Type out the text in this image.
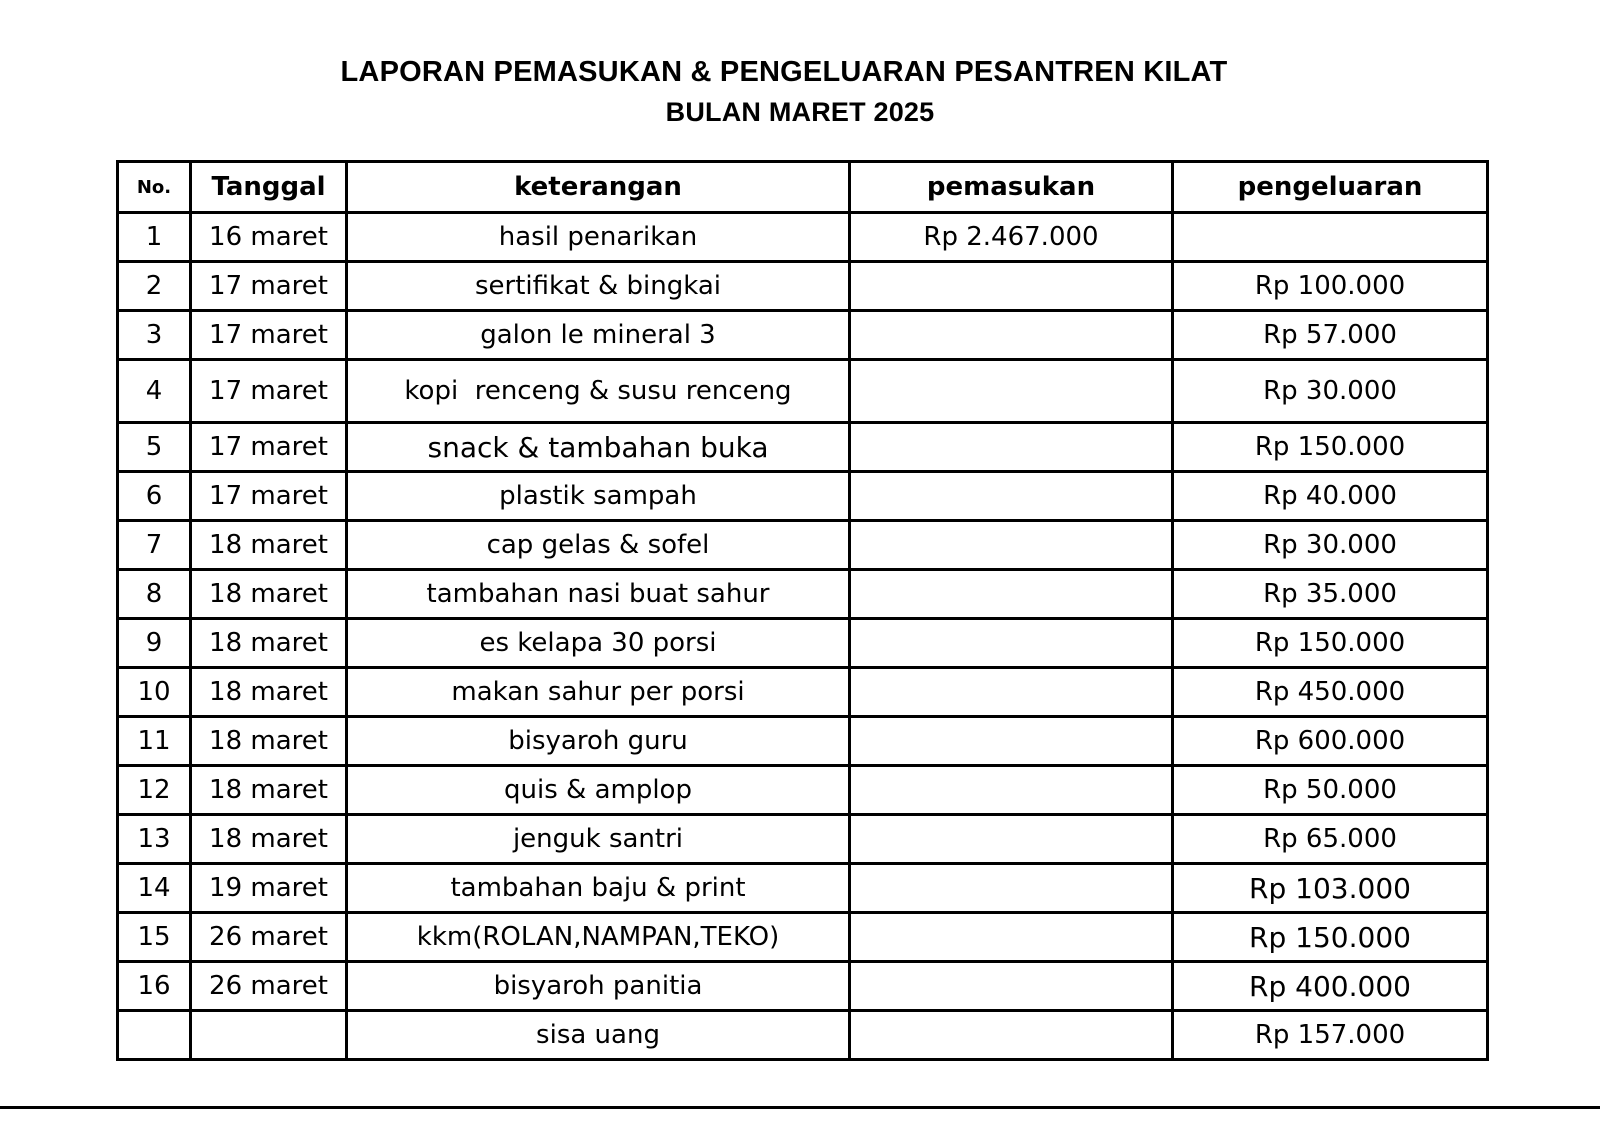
LAPORAN PEMASUKAN & PENGELUARAN PESANTREN KILAT
BULAN MARET 2025
No.	Tanggal	keterangan	pemasukan	pengeluaran
1	16 maret	hasil penarikan	Rp 2.467.000	
2	17 maret	sertifikat & bingkai		Rp 100.000
3	17 maret	galon le mineral 3		Rp 57.000
4	17 maret	kopi  renceng & susu renceng		Rp 30.000
5	17 maret	snack & tambahan buka		Rp 150.000
6	17 maret	plastik sampah		Rp 40.000
7	18 maret	cap gelas & sofel		Rp 30.000
8	18 maret	tambahan nasi buat sahur		Rp 35.000
9	18 maret	es kelapa 30 porsi		Rp 150.000
10	18 maret	makan sahur per porsi		Rp 450.000
11	18 maret	bisyaroh guru		Rp 600.000
12	18 maret	quis & amplop		Rp 50.000
13	18 maret	jenguk santri		Rp 65.000
14	19 maret	tambahan baju & print		Rp 103.000
15	26 maret	kkm(ROLAN,NAMPAN,TEKO)		Rp 150.000
16	26 maret	bisyaroh panitia		Rp 400.000
		sisa uang		Rp 157.000
